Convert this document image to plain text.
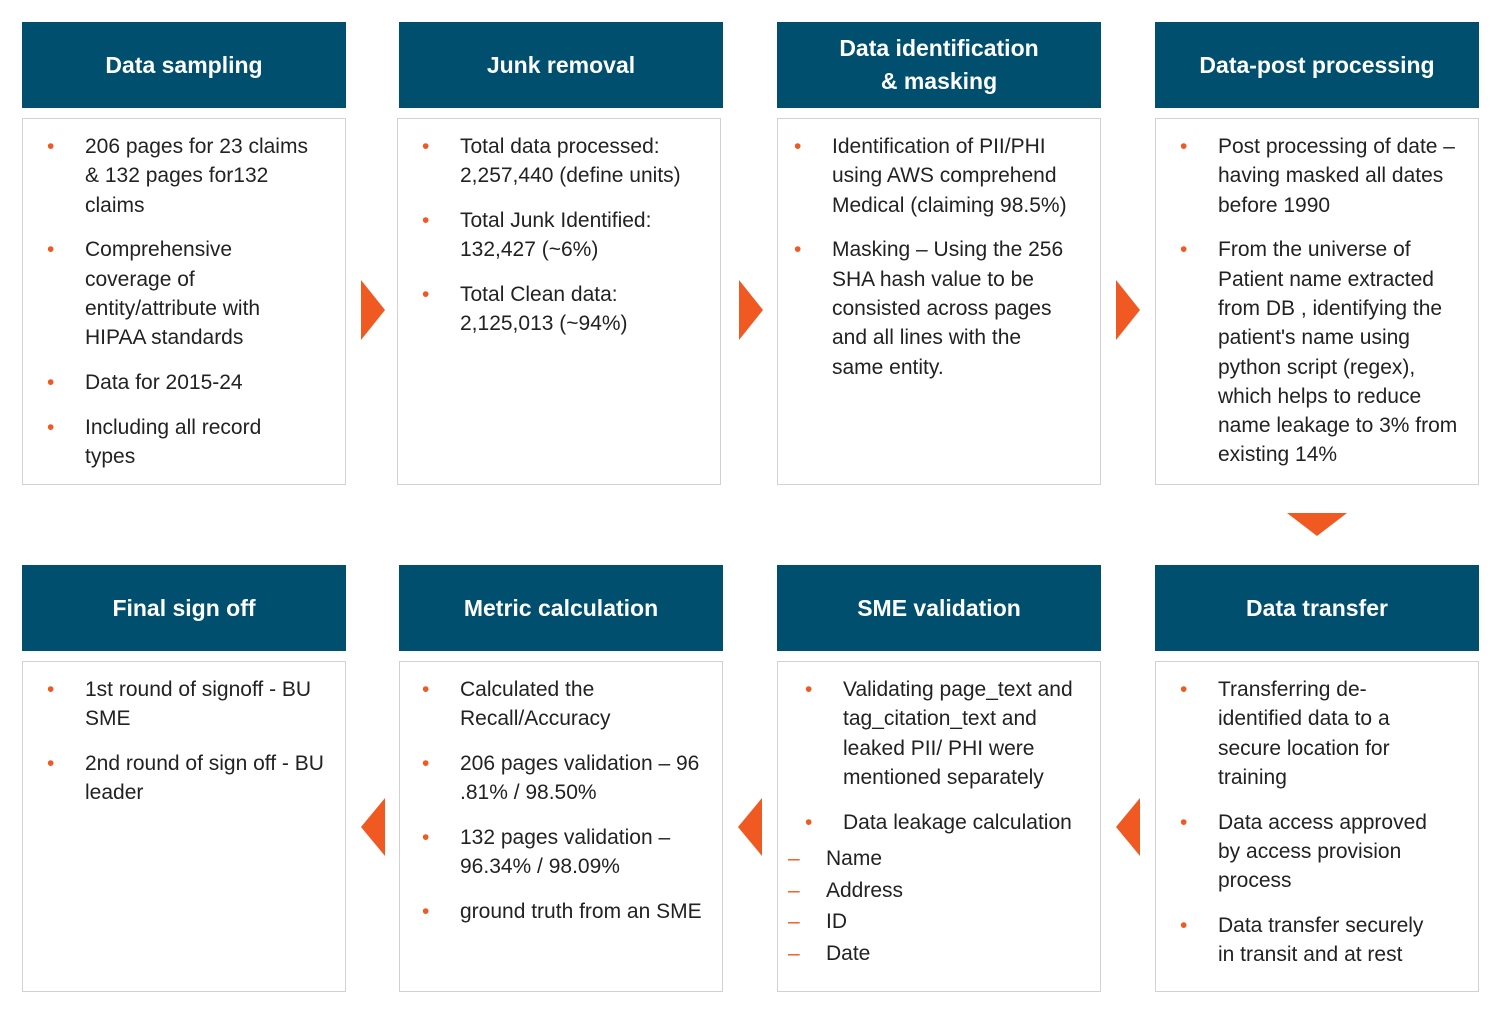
Data sampling	Junk removal
Data identification
& masking
Data-post processing
• 206 pages for 23 claims & 132 pages for132 claims
• Comprehensive coverage of entity/attribute with HIPAA standards
• Data for 2015-24
• Including all record types
• Total data processed: 2,257,440 (define units)
• Total Junk Identified: 132,427 (~6%)
• Total Clean data: 2,125,013 (~94%)
• Identification of PII/PHI using AWS comprehend Medical (claiming 98.5%)
• Masking – Using the 256 SHA hash value to be consisted across pages and all lines with the same entity.
• Post processing of date – having masked all dates before 1990
• From the universe of Patient name extracted from DB , identifying the patient's name using python script (regex), which helps to reduce name leakage to 3% from existing 14%
Final sign off	Metric calculation	SME validation	Data transfer
• 1st round of signoff - BU SME
• 2nd round of sign off - BU leader
• Calculated the Recall/Accuracy
• 206 pages validation – 96 .81% / 98.50%
• 132 pages validation – 96.34% / 98.09%
• ground truth from an SME
• Validating page_text and tag_citation_text and leaked PII/ PHI were mentioned separately
• Data leakage calculation
– Name
– Address
– ID
– Date
• Transferring de-identified data to a secure location for training
• Data access approved by access provision process
• Data transfer securely in transit and at rest
